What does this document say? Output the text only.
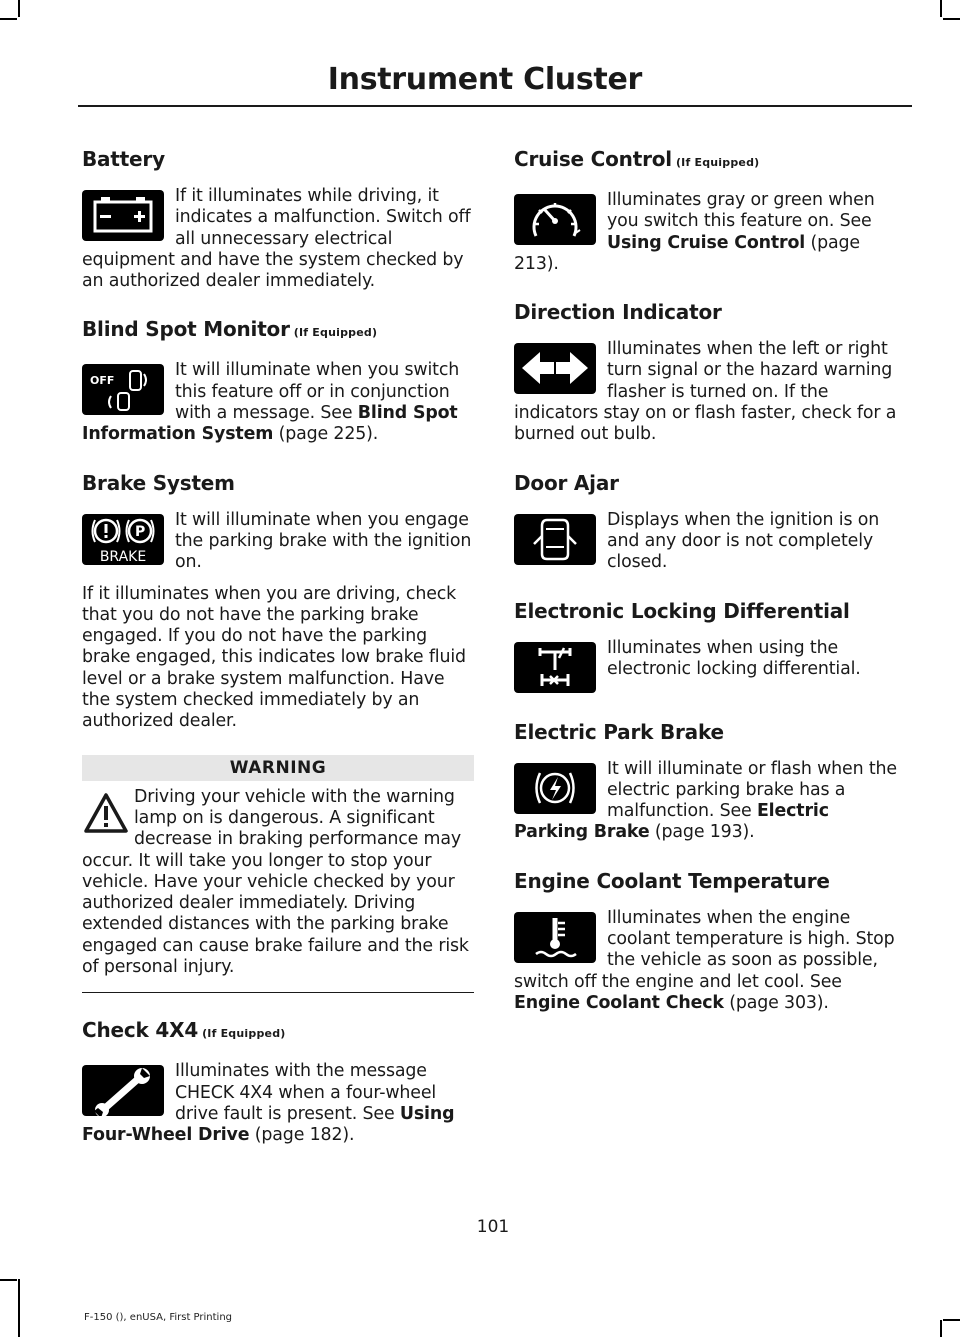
Instrument Cluster
Battery
If it illuminates while driving, it indicates a malfunction. Switch off all unnecessary electrical equipment and have the system checked by an authorized dealer immediately.
Blind Spot Monitor (If Equipped)
OFF
It will illuminate when you switch this feature off or in conjunction with a message. See Blind Spot Information System (page 225).
Brake System
P
BRAKE
It will illuminate when you engage the parking brake with the ignition on.
If it illuminates when you are driving, check that you do not have the parking brake engaged. If you do not have the parking brake engaged, this indicates low brake fluid level or a brake system malfunction. Have the system checked immediately by an authorized dealer.
WARNING
Driving your vehicle with the warning lamp on is dangerous. A significant decrease in braking performance may occur. It will take you longer to stop your vehicle. Have your vehicle checked by your authorized dealer immediately. Driving extended distances with the parking brake engaged can cause brake failure and the risk of personal injury.
Check 4X4 (If Equipped)
Illuminates with the message CHECK 4X4 when a four-wheel drive fault is present. See Using Four-Wheel Drive (page 182).
Cruise Control (If Equipped)
Illuminates gray or green when you switch this feature on. See Using Cruise Control (page 213).
Direction Indicator
Illuminates when the left or right turn signal or the hazard warning flasher is turned on. If the indicators stay on or flash faster, check for a burned out bulb.
Door Ajar
Displays when the ignition is on and any door is not completely closed.
Electronic Locking Differential
Illuminates when using the electronic locking differential.
Electric Park Brake
It will illuminate or flash when the electric parking brake has a malfunction. See Electric Parking Brake (page 193).
Engine Coolant Temperature
Illuminates when the engine coolant temperature is high. Stop the vehicle as soon as possible, switch off the engine and let cool. See Engine Coolant Check (page 303).
101
F-150 (), enUSA, First Printing
